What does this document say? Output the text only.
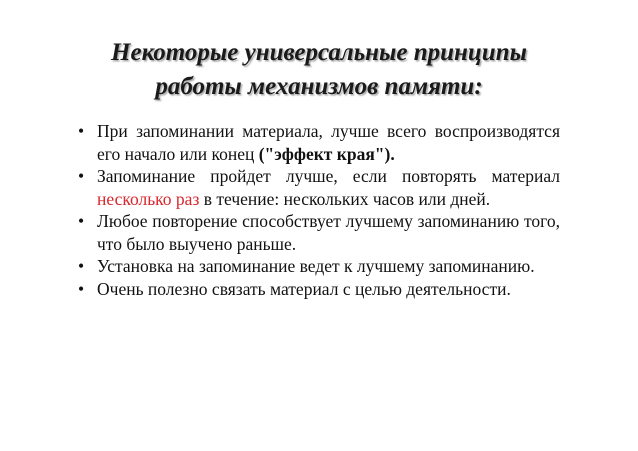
Некоторые универсальные принципы
работы механизмов памяти:
• При запоминании материала, лучше всего воспроизводятся его начало или конец ("эффект края").
• Запоминание пройдет лучше, если повторять материал несколько раз в течение: нескольких часов или дней.
• Любое повторение способствует лучшему запоминанию того, что было выучено раньше.
• Установка на запоминание ведет к лучшему запоминанию.
• Очень полезно связать материал с целью деятельности.
